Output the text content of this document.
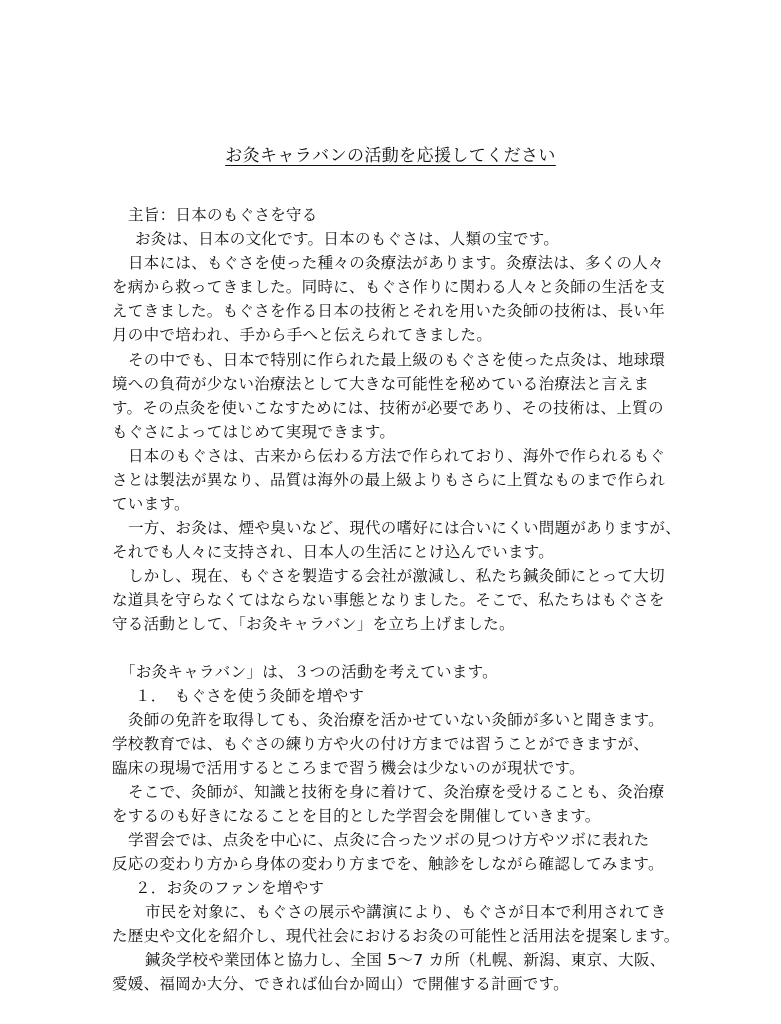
お灸キャラバンの活動を応援してください
主旨：日本のもぐさを守る
お灸は、日本の文化です。日本のもぐさは、人類の宝です。
日本には、もぐさを使った種々の灸療法があります。灸療法は、多くの人々
を病から救ってきました。同時に、もぐさ作りに関わる人々と灸師の生活を支
えてきました。もぐさを作る日本の技術とそれを用いた灸師の技術は、長い年
月の中で培われ、手から手へと伝えられてきました。
その中でも、日本で特別に作られた最上級のもぐさを使った点灸は、地球環
境への負荷が少ない治療法として大きな可能性を秘めている治療法と言えま
す。その点灸を使いこなすためには、技術が必要であり、その技術は、上質の
もぐさによってはじめて実現できます。
日本のもぐさは、古来から伝わる方法で作られており、海外で作られるもぐ
さとは製法が異なり、品質は海外の最上級よりもさらに上質なものまで作られ
ています。
一方、お灸は、煙や臭いなど、現代の嗜好には合いにくい問題がありますが、
それでも人々に支持され、日本人の生活にとけ込んでいます。
しかし、現在、もぐさを製造する会社が激減し、私たち鍼灸師にとって大切
な道具を守らなくてはならない事態となりました。そこで、私たちはもぐさを
守る活動として、「お灸キャラバン」を立ち上げました。
「お灸キャラバン」は、３つの活動を考えています。
１．　もぐさを使う灸師を増やす
灸師の免許を取得しても、灸治療を活かせていない灸師が多いと聞きます。
学校教育では、もぐさの練り方や火の付け方までは習うことができますが、
臨床の現場で活用するところまで習う機会は少ないのが現状です。
そこで、灸師が、知識と技術を身に着けて、灸治療を受けることも、灸治療
をするのも好きになることを目的とした学習会を開催していきます。
学習会では、点灸を中心に、点灸に合ったツボの見つけ方やツボに表れた
反応の変わり方から身体の変わり方までを、触診をしながら確認してみます。
２．お灸のファンを増やす
市民を対象に、もぐさの展示や講演により、もぐさが日本で利用されてき
た歴史や文化を紹介し、現代社会におけるお灸の可能性と活用法を提案します。
鍼灸学校や業団体と協力し、全国 5～7 カ所（札幌、新潟、東京、大阪、
愛媛、福岡か大分、できれば仙台か岡山）で開催する計画です。
